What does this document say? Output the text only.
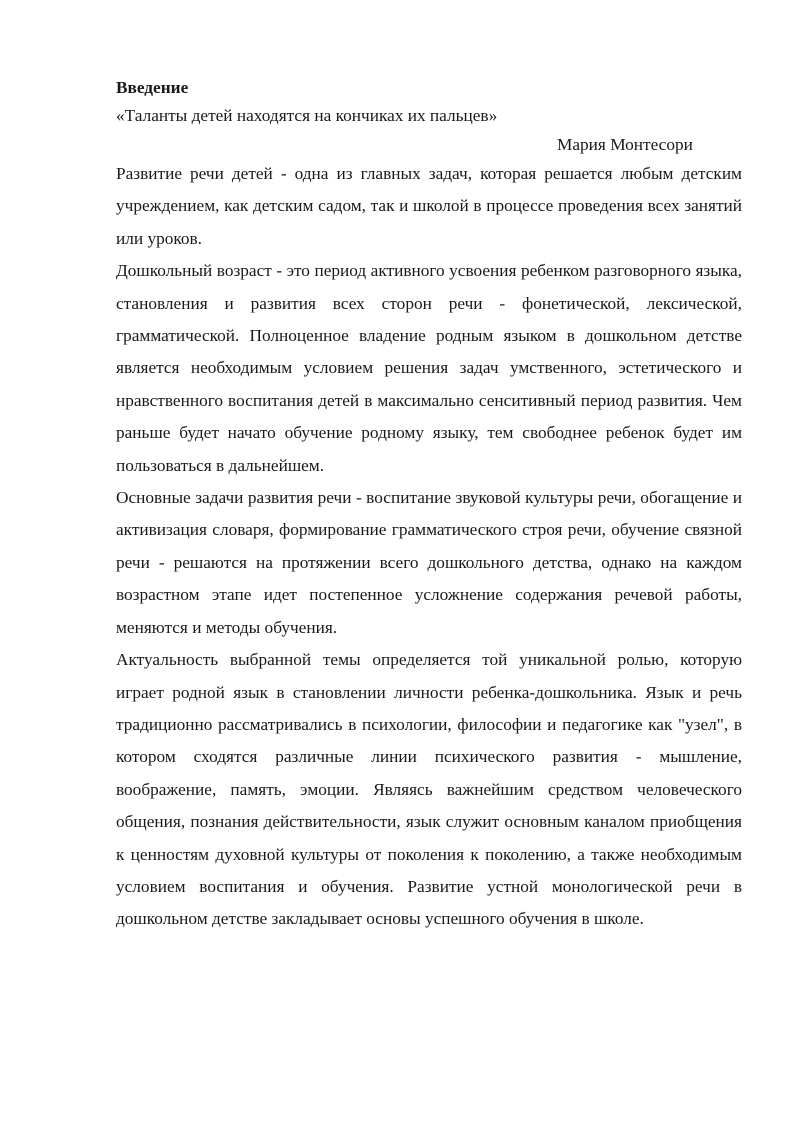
Введение
«Таланты детей находятся на кончиках их пальцев»
Мария Монтесори

Развитие речи детей - одна из главных задач, которая решается любым детским учреждением, как детским садом, так и школой в процессе проведения всех занятий или уроков.

Дошкольный возраст - это период активного усвоения ребенком разговорного языка, становления и развития всех сторон речи - фонетической, лексической, грамматической. Полноценное владение родным языком в дошкольном детстве является необходимым условием решения задач умственного, эстетического и нравственного воспитания детей в максимально сенситивный период развития. Чем раньше будет начато обучение родному языку, тем свободнее ребенок будет им пользоваться в дальнейшем.

Основные задачи развития речи - воспитание звуковой культуры речи, обогащение и активизация словаря, формирование грамматического строя речи, обучение связной речи - решаются на протяжении всего дошкольного детства, однако на каждом возрастном этапе идет постепенное усложнение содержания речевой работы, меняются и методы обучения.

Актуальность выбранной темы определяется той уникальной ролью, которую играет родной язык в становлении личности ребенка-дошкольника. Язык и речь традиционно рассматривались в психологии, философии и педагогике как "узел", в котором сходятся различные линии психического развития - мышление, воображение, память, эмоции. Являясь важнейшим средством человеческого общения, познания действительности, язык служит основным каналом приобщения к ценностям духовной культуры от поколения к поколению, а также необходимым условием воспитания и обучения. Развитие устной монологической речи в дошкольном детстве закладывает основы успешного обучения в школе.
